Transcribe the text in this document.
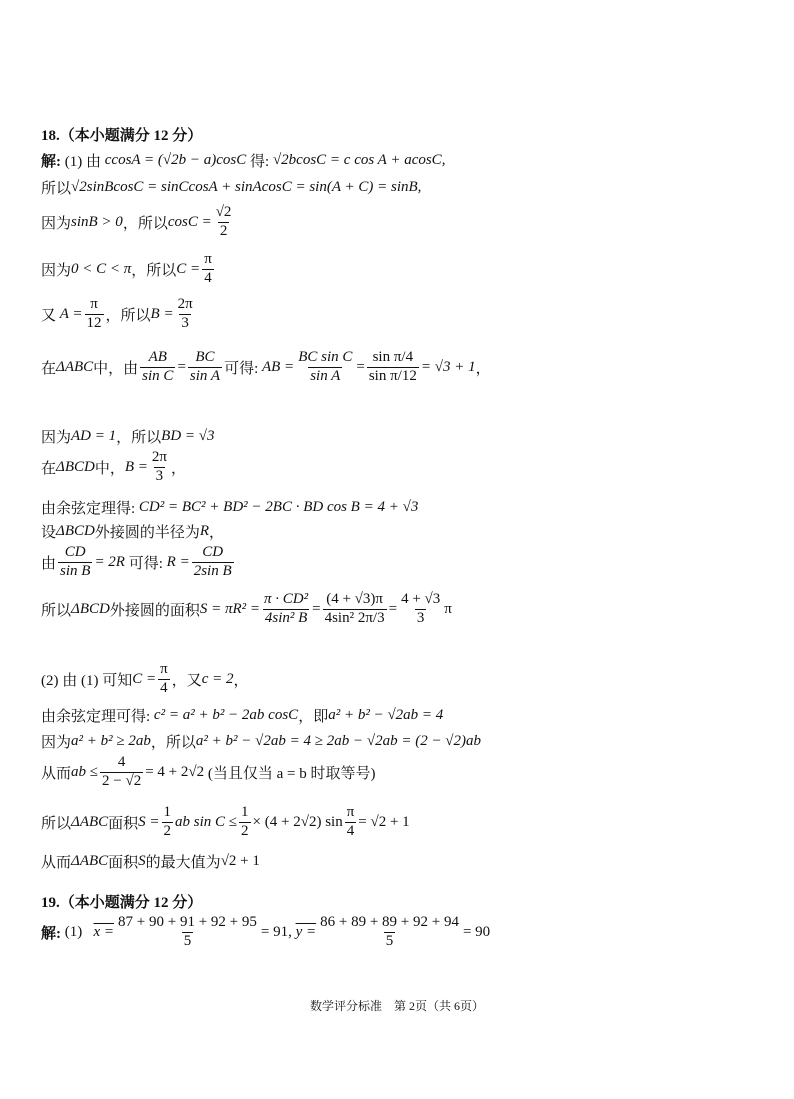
18.（本小题满分 12 分）
解:
(1) 由
ccosA = (√2b − a)cosC
得:
√2bcosC = c cos A + acosC ,
所以 √2sinBcosC = sinCcosA + sinAcosC = sin(A + C) = sinB ,
因为 sinB > 0 ，所以 $\cos C = \frac{√2}{2}$
因为 0 < C < π ，所以 $C = \frac{\pi}{4}$
又
$A = \frac{\pi}{12}$ ，所以 $B = \frac{2\pi}{3}$
在 ΔABC 中，由 $\frac{AB}{\text{sin C}} = \frac{BC}{\text{sin A}}$ 可得:
AB = $\frac{\text{BC sin C}}{\text{sin A}} = \frac{\text{sin π/4}}{\text{sin π/12}} = √3 + 1$ ，
因为 AD = 1 ，所以 BD = √3
在 ΔBCD 中， $B = \frac{2\pi}{3}$ ，
由余弦定理得:
CD² = BC² + BD² − 2BC · BD cos B = 4 + √3
设 ΔBCD 外接圆的半径为 R ，
由 $\frac{CD}{\text{sin B}} = 2R$
可得:
$R = \frac{CD}{\text{2sin B}}$
所以 ΔBCD 外接圆的面积 $S = \pi R^2 = \frac{\text{π · CD²}}{\text{4sin² B}} = \frac{(4 + √3)\pi}{\text{4sin² 2π/3}} = \frac{4 + √3}{3}$ π
(2) 由 (1) 可知 $C = \frac{\pi}{4}$ ，又 c = 2 ，
由余弦定理可得:
c² = a² + b² − 2ab cosC ，即 a² + b² − √2ab = 4
因为 a² + b² ≥ 2ab ，所以 a² + b² − √2ab = 4 ≥ 2ab − √2ab = (2 − √2)ab
从而 ab ≤ $\frac{4}{2 - √2} = 4 + 2√2$
(当且仅当 a = b 时取等号)
所以 ΔABC 面积 $S = \frac{1}{2}$ ab $\sin C \le \frac{1}{2} \times (4 + 2√2)$ $\sin \frac{\pi}{4} = √2 + 1$
从而 ΔABC 面积 S 的最大值为 √2 + 1
19.（本小题满分 12 分）
解:
(1)
$x = \frac{87 + 90 + 91 + 92 + 95}{5} = 91$,
$y = \frac{86 + 89 + 89 + 92 + 94}{5} = 90$
数学评分标准　第 2页（共 6页）
